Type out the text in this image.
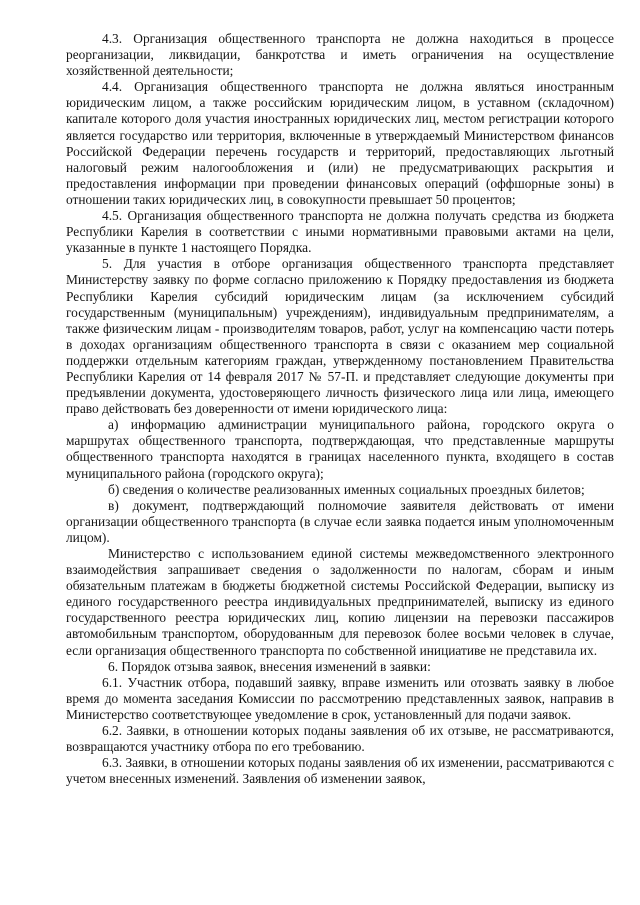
4.3. Организация общественного транспорта не должна находиться в процессе реорганизации, ликвидации, банкротства и иметь ограничения на осуществление хозяйственной деятельности;

4.4. Организация общественного транспорта не должна являться иностранным юридическим лицом, а также российским юридическим лицом, в уставном (складочном) капитале которого доля участия иностранных юридических лиц, местом регистрации которого является государство или территория, включенные в утверждаемый Министерством финансов Российской Федерации перечень государств и территорий, предоставляющих льготный налоговый режим налогообложения и (или) не предусматривающих раскрытия и предоставления информации при проведении финансовых операций (оффшорные зоны) в отношении таких юридических лиц, в совокупности превышает 50 процентов;

4.5. Организация общественного транспорта не должна получать средства из бюджета Республики Карелия в соответствии с иными нормативными правовыми актами на цели, указанные в пункте 1 настоящего Порядка.

5. Для участия в отборе организация общественного транспорта представляет Министерству заявку по форме согласно приложению к Порядку предоставления из бюджета Республики Карелия субсидий юридическим лицам (за исключением субсидий государственным (муниципальным) учреждениям), индивидуальным предпринимателям, а также физическим лицам - производителям товаров, работ, услуг на компенсацию части потерь в доходах организациям общественного транспорта в связи с оказанием мер социальной поддержки отдельным категориям граждан, утвержденному постановлением Правительства Республики Карелия от 14 февраля 2017 № 57-П. и представляет следующие документы при предъявлении документа, удостоверяющего личность физического лица или лица, имеющего право действовать без доверенности от имени юридического лица:

а) информацию администрации муниципального района, городского округа о маршрутах общественного транспорта, подтверждающая, что представленные маршруты общественного транспорта находятся в границах населенного пункта, входящего в состав муниципального района (городского округа);

б) сведения о количестве реализованных именных социальных проездных билетов;

в) документ, подтверждающий полномочие заявителя действовать от имени организации общественного транспорта (в случае если заявка подается иным уполномоченным лицом).

Министерство с использованием единой системы межведомственного электронного взаимодействия запрашивает сведения о задолженности по налогам, сборам и иным обязательным платежам в бюджеты бюджетной системы Российской Федерации, выписку из единого государственного реестра индивидуальных предпринимателей, выписку из единого государственного реестра юридических лиц, копию лицензии на перевозки пассажиров автомобильным транспортом, оборудованным для перевозок более восьми человек в случае, если организация общественного транспорта по собственной инициативе не представила их.

6. Порядок отзыва заявок, внесения изменений в заявки:

6.1. Участник отбора, подавший заявку, вправе изменить или отозвать заявку в любое время до момента заседания Комиссии по рассмотрению представленных заявок, направив в Министерство соответствующее уведомление в срок, установленный для подачи заявок.

6.2. Заявки, в отношении которых поданы заявления об их отзыве, не рассматриваются, возвращаются участнику отбора по его требованию.

6.3. Заявки, в отношении которых поданы заявления об их изменении, рассматриваются с учетом внесенных изменений. Заявления об изменении заявок,
